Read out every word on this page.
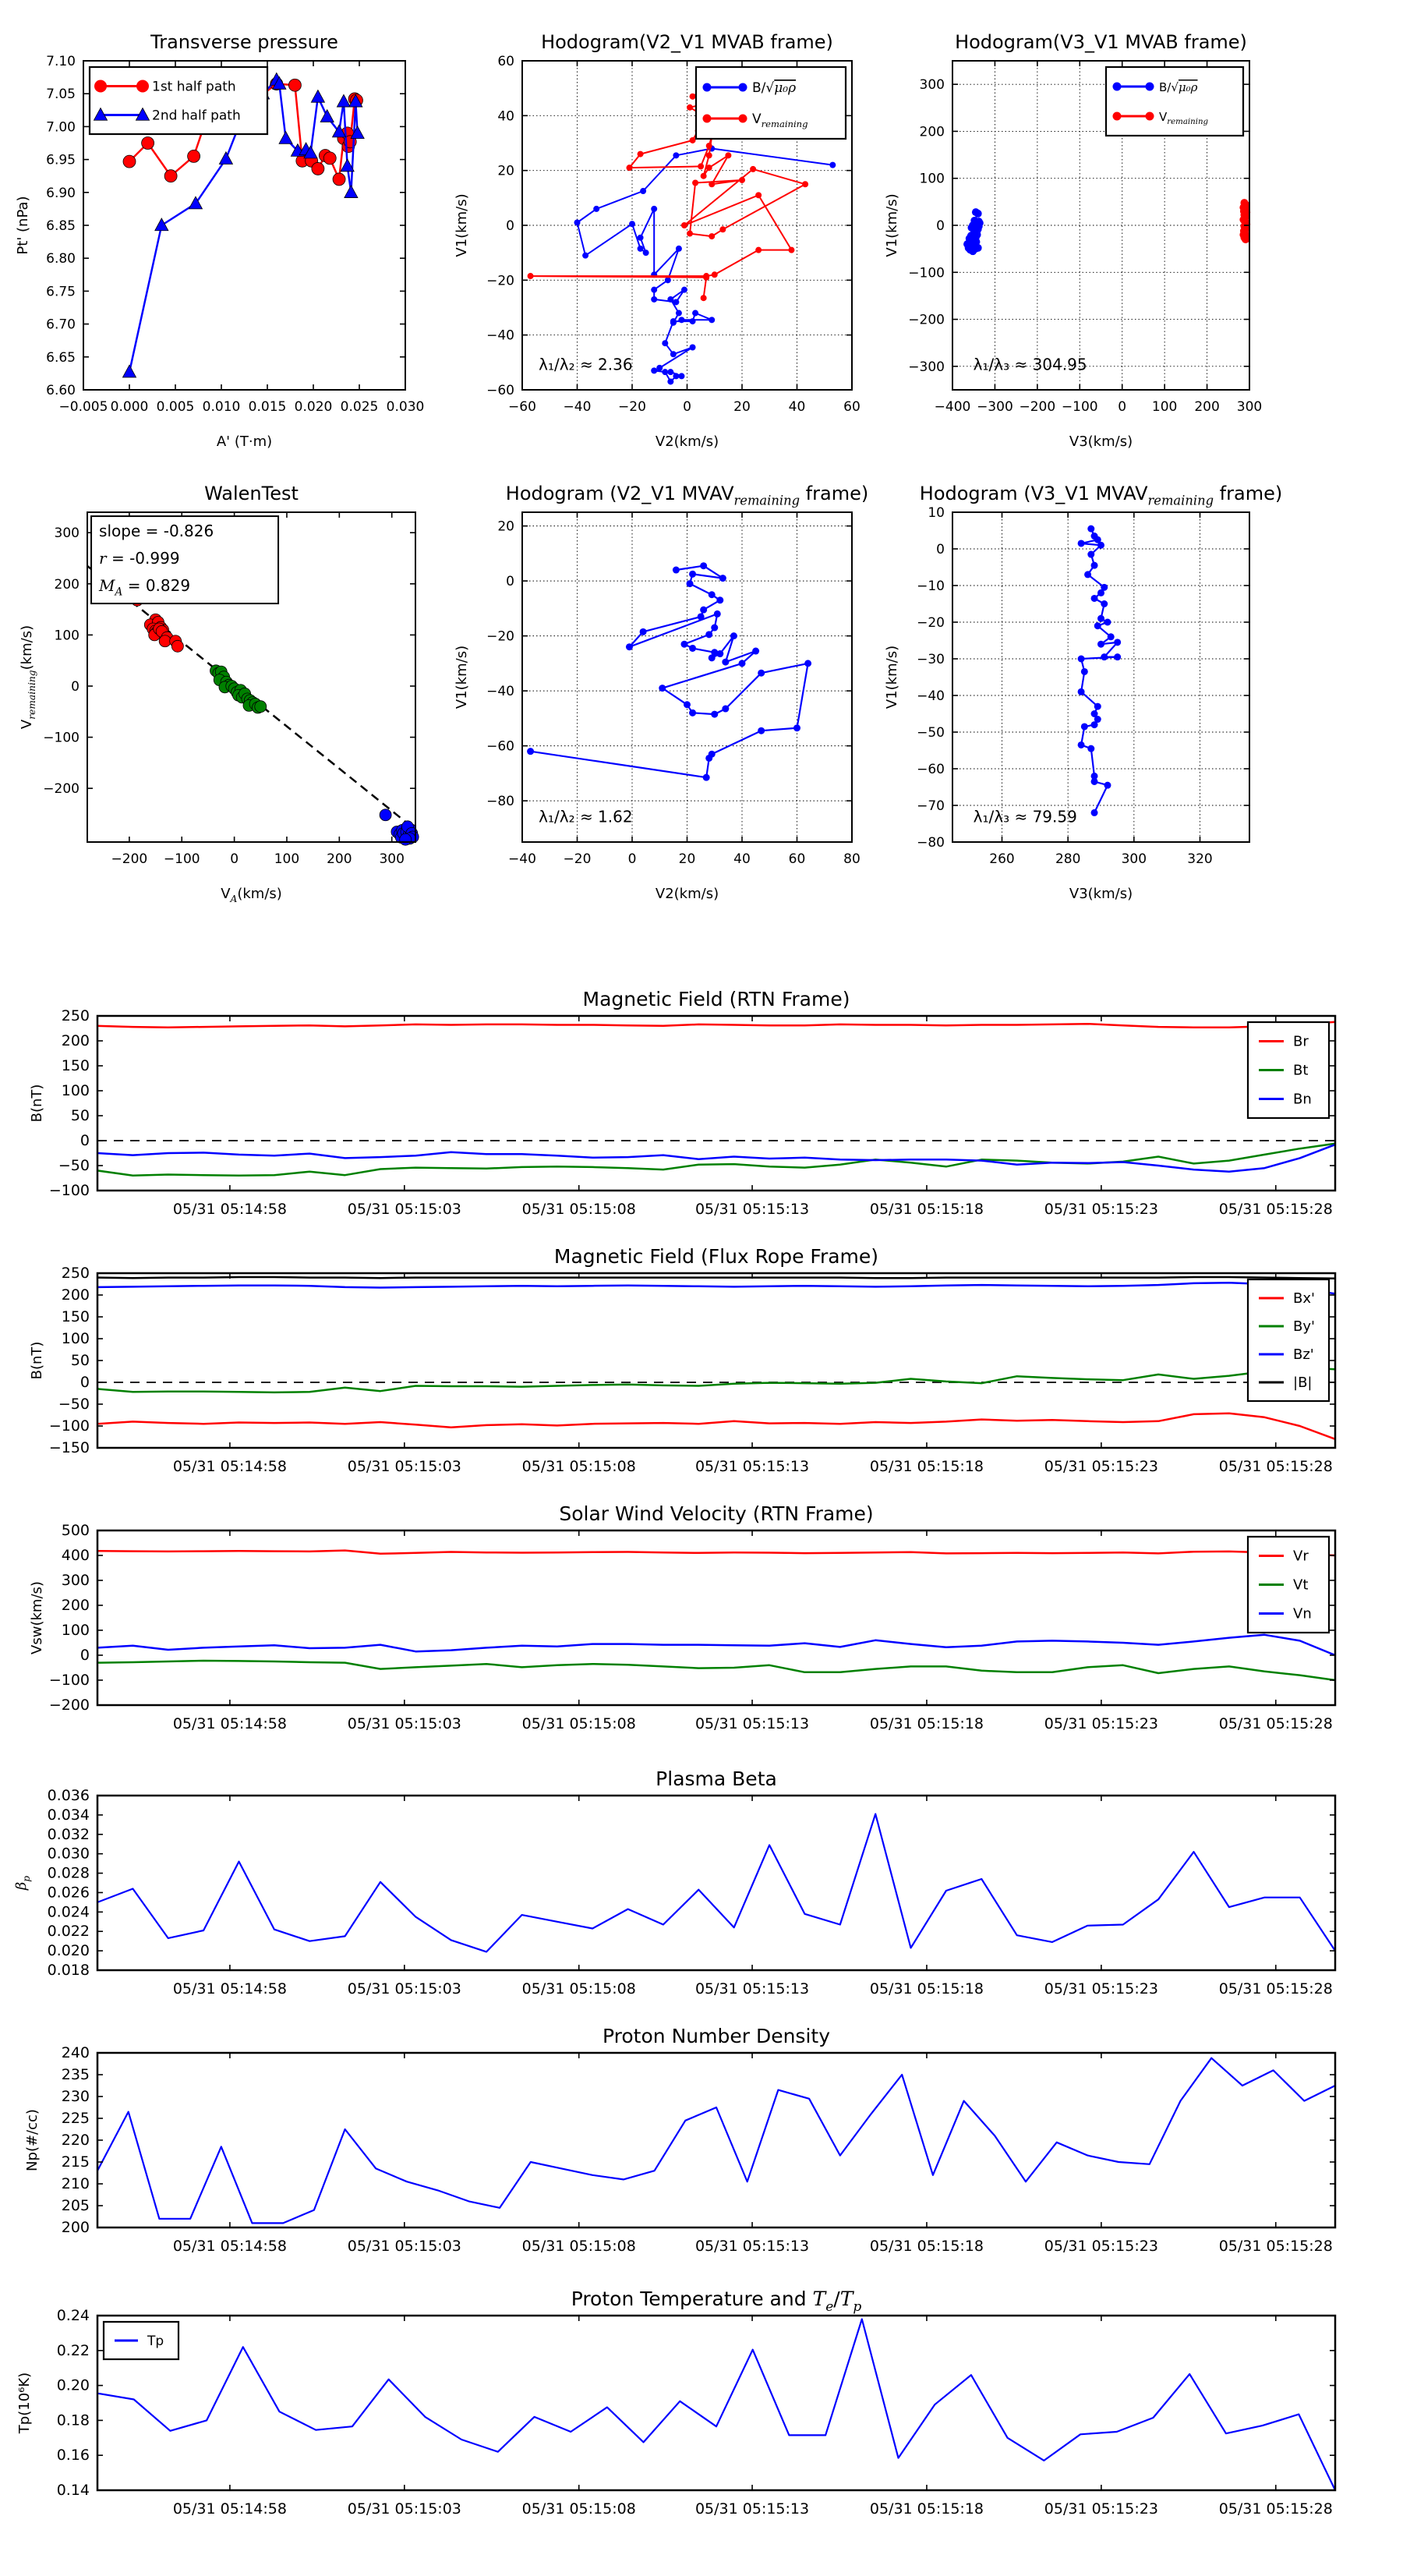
−0.005 0.000 0.005 0.010 0.015 0.020 0.025 0.030
6.60
6.65
6.70
6.75
6.80
6.85
6.90
6.95
7.00
7.05
7.10
Transverse pressure
A' (T·m)
Pt' (nPa)
1st half path
2nd half path
−60 −40 −20	0	20	40	60
−60
−40
−20
0
20
40
60
Hodogram(V2_V1 MVAB frame)
V2(km/s)
V1(km/s)
B/√μ₀ρ
$V_{remaining}$
λ₁/λ₂ ≈ 2.36
−400 −300 −200 −100 0 100 200 300
−300
−200
−100
0
100
200
300
Hodogram(V3_V1 MVAB frame)
V3(km/s)
V1(km/s)
B/√μ₀ρ
$V_{remaining}$
λ₁/λ₃ ≈ 304.95
−200 −100 0	100 200 300
−200
−100
0
100
200
300
WalenTest
$V_A(km/s)$
$V_{remaining}(km/s)$
slope = -0.826
r = -0.999
$M_A = 0.829$
−40 −20	0	20	40	60	80
20
0
−20
−40
−60
−80
Hodogram (V2_V1 $MVAV_{remaining}$ frame)
V2(km/s)
V1(km/s)
λ₁/λ₂ ≈ 1.62
260	280	300	320
10
0
−10
−20
−30
−40
−50
−60
−70
−80
Hodogram (V3_V1 $MVAV_{remaining}$ frame)
V3(km/s)
V1(km/s)
λ₁/λ₃ ≈ 79.59
05/31 05:14:58	05/31 05:15:03	05/31 05:15:08	05/31 05:15:13	05/31 05:15:18	05/31 05:15:23	05/31 05:15:28
−100
−50
0
50
100
150
200
250
Magnetic Field (RTN Frame)
B(nT)
Br
Bt
Bn
05/31 05:14:58	05/31 05:15:03	05/31 05:15:08	05/31 05:15:13	05/31 05:15:18	05/31 05:15:23	05/31 05:15:28
−150
−100
−50
0
50
100
150
200
250
Magnetic Field (Flux Rope Frame)
B(nT)
Bx'
By'
Bz'
|B|
05/31 05:14:58	05/31 05:15:03	05/31 05:15:08	05/31 05:15:13	05/31 05:15:18	05/31 05:15:23	05/31 05:15:28
−200
−100
0
100
200
300
400
500
Solar Wind Velocity (RTN Frame)
Vsw(km/s)
Vr
Vt
Vn
05/31 05:14:58	05/31 05:15:03	05/31 05:15:08	05/31 05:15:13	05/31 05:15:18	05/31 05:15:23	05/31 05:15:28
0.018
0.020
0.022
0.024
0.026
0.028
0.030
0.032
0.034
0.036
Plasma Beta
$\beta_p$
05/31 05:14:58	05/31 05:15:03	05/31 05:15:08	05/31 05:15:13	05/31 05:15:18	05/31 05:15:23	05/31 05:15:28
200
205
210
215
220
225
230
235
240
Proton Number Density
Np(#/cc)
05/31 05:14:58	05/31 05:15:03	05/31 05:15:08	05/31 05:15:13	05/31 05:15:18	05/31 05:15:23	05/31 05:15:28
0.14
0.16
0.18
0.20
0.22
0.24
Proton Temperature and $T_e/T_p$
Tp(10⁶K)
Tp
